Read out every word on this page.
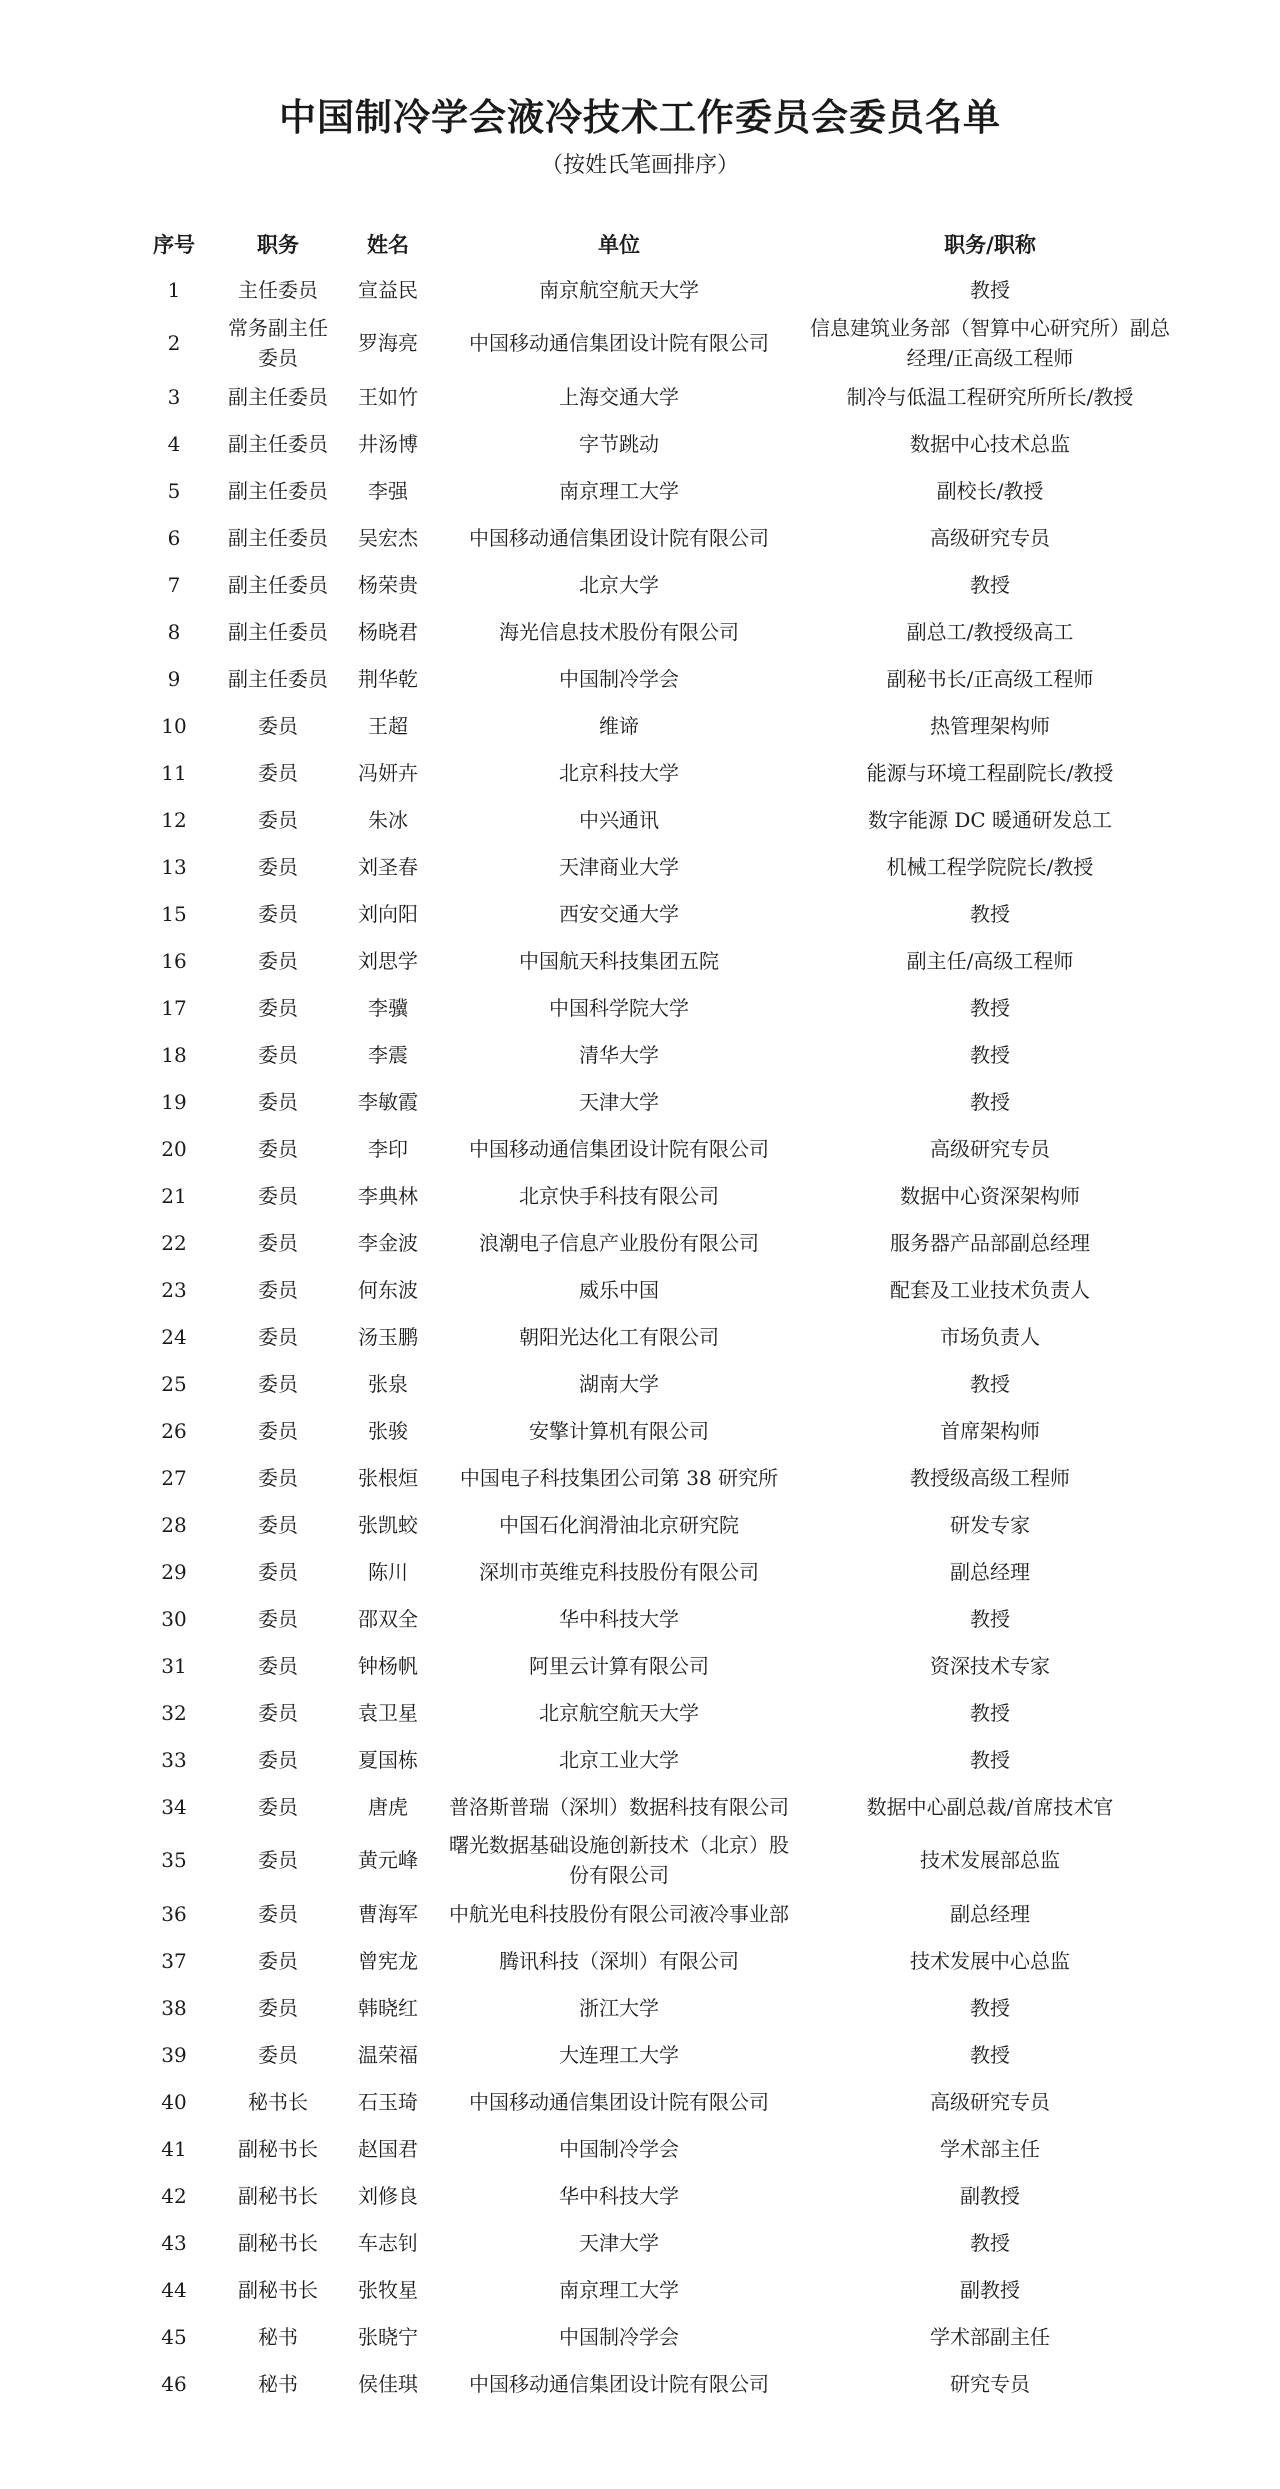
中国制冷学会液冷技术工作委员会委员名单
（按姓氏笔画排序）
序号	职务	姓名	单位	职务/职称
1	主任委员	宣益民	南京航空航天大学	教授
2	常务副主任委员	罗海亮	中国移动通信集团设计院有限公司	信息建筑业务部（智算中心研究所）副总经理/正高级工程师
3	副主任委员	王如竹	上海交通大学	制冷与低温工程研究所所长/教授
4	副主任委员	井汤博	字节跳动	数据中心技术总监
5	副主任委员	李强	南京理工大学	副校长/教授
6	副主任委员	吴宏杰	中国移动通信集团设计院有限公司	高级研究专员
7	副主任委员	杨荣贵	北京大学	教授
8	副主任委员	杨晓君	海光信息技术股份有限公司	副总工/教授级高工
9	副主任委员	荆华乾	中国制冷学会	副秘书长/正高级工程师
10	委员	王超	维谛	热管理架构师
11	委员	冯妍卉	北京科技大学	能源与环境工程副院长/教授
12	委员	朱冰	中兴通讯	数字能源 DC 暖通研发总工
13	委员	刘圣春	天津商业大学	机械工程学院院长/教授
15	委员	刘向阳	西安交通大学	教授
16	委员	刘思学	中国航天科技集团五院	副主任/高级工程师
17	委员	李骥	中国科学院大学	教授
18	委员	李震	清华大学	教授
19	委员	李敏霞	天津大学	教授
20	委员	李印	中国移动通信集团设计院有限公司	高级研究专员
21	委员	李典林	北京快手科技有限公司	数据中心资深架构师
22	委员	李金波	浪潮电子信息产业股份有限公司	服务器产品部副总经理
23	委员	何东波	威乐中国	配套及工业技术负责人
24	委员	汤玉鹏	朝阳光达化工有限公司	市场负责人
25	委员	张泉	湖南大学	教授
26	委员	张骏	安擎计算机有限公司	首席架构师
27	委员	张根烜	中国电子科技集团公司第 38 研究所	教授级高级工程师
28	委员	张凯蛟	中国石化润滑油北京研究院	研发专家
29	委员	陈川	深圳市英维克科技股份有限公司	副总经理
30	委员	邵双全	华中科技大学	教授
31	委员	钟杨帆	阿里云计算有限公司	资深技术专家
32	委员	袁卫星	北京航空航天大学	教授
33	委员	夏国栋	北京工业大学	教授
34	委员	唐虎	普洛斯普瑞（深圳）数据科技有限公司	数据中心副总裁/首席技术官
35	委员	黄元峰	曙光数据基础设施创新技术（北京）股份有限公司	技术发展部总监
36	委员	曹海军	中航光电科技股份有限公司液冷事业部	副总经理
37	委员	曾宪龙	腾讯科技（深圳）有限公司	技术发展中心总监
38	委员	韩晓红	浙江大学	教授
39	委员	温荣福	大连理工大学	教授
40	秘书长	石玉琦	中国移动通信集团设计院有限公司	高级研究专员
41	副秘书长	赵国君	中国制冷学会	学术部主任
42	副秘书长	刘修良	华中科技大学	副教授
43	副秘书长	车志钊	天津大学	教授
44	副秘书长	张牧星	南京理工大学	副教授
45	秘书	张晓宁	中国制冷学会	学术部副主任
46	秘书	侯佳琪	中国移动通信集团设计院有限公司	研究专员
